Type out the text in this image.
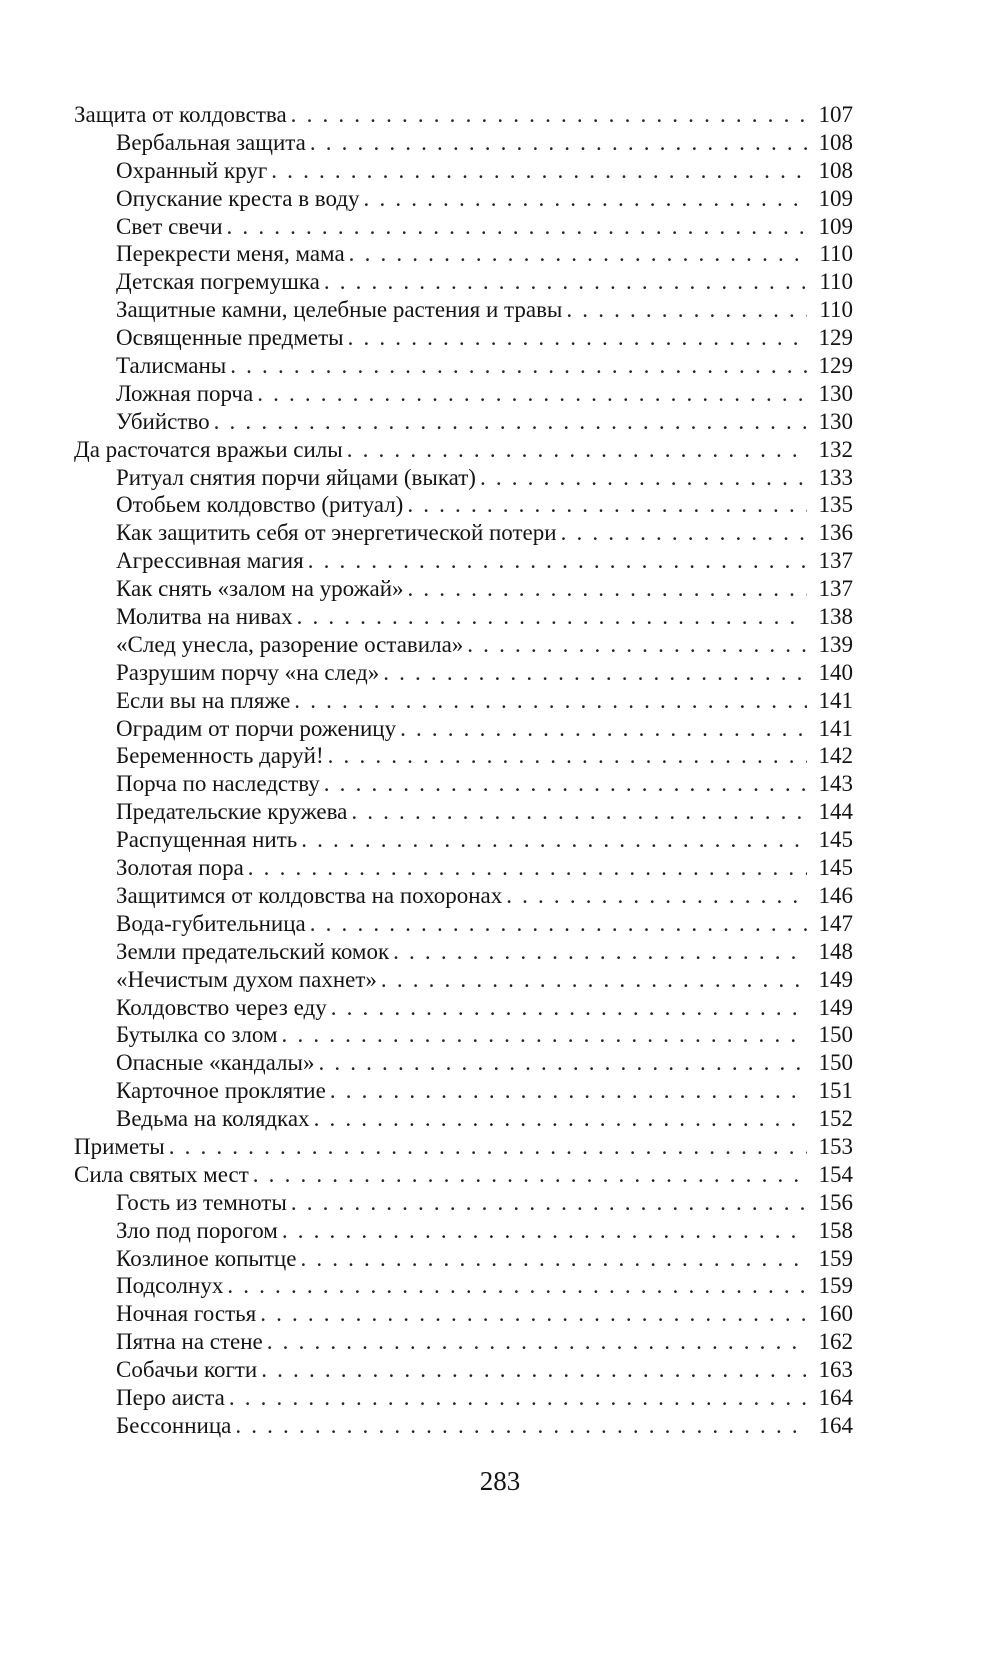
Защита от колдовства . . .	107
Вербальная защита . . .	108
Охранный круг . . .	108
Опускание креста в воду . . .	109
Свет свечи . . .	109
Перекрести меня, мама . . .	110
Детская погремушка . . .	110
Защитные камни, целебные растения и травы . . .	110
Освященные предметы . . .	129
Талисманы . . .	129
Ложная порча . . .	130
Убийство . . .	130
Да расточатся вражьи силы . . .	132
Ритуал снятия порчи яйцами (выкат) . . .	133
Отобьем колдовство (ритуал) . . .	135
Как защитить себя от энергетической потери . . .	136
Агрессивная магия . . .	137
Как снять «залом на урожай» . . .	137
Молитва на нивах . . .	138
«След унесла, разорение оставила» . . .	139
Разрушим порчу «на след» . . .	140
Если вы на пляже . . .	141
Оградим от порчи роженицу . . .	141
Беременность даруй! . . .	142
Порча по наследству . . .	143
Предательские кружева . . .	144
Распущенная нить . . .	145
Золотая пора . . .	145
Защитимся от колдовства на похоронах . . .	146
Вода-губительница . . .	147
Земли предательский комок . . .	148
«Нечистым духом пахнет» . . .	149
Колдовство через еду . . .	149
Бутылка со злом . . .	150
Опасные «кандалы» . . .	150
Карточное проклятие . . .	151
Ведьма на колядках . . .	152
Приметы . . .	153
Сила святых мест . . .	154
Гость из темноты . . .	156
Зло под порогом . . .	158
Козлиное копытце . . .	159
Подсолнух . . .	159
Ночная гостья . . .	160
Пятна на стене . . .	162
Собачьи когти . . .	163
Перо аиста . . .	164
Бессонница . . .	164
283
